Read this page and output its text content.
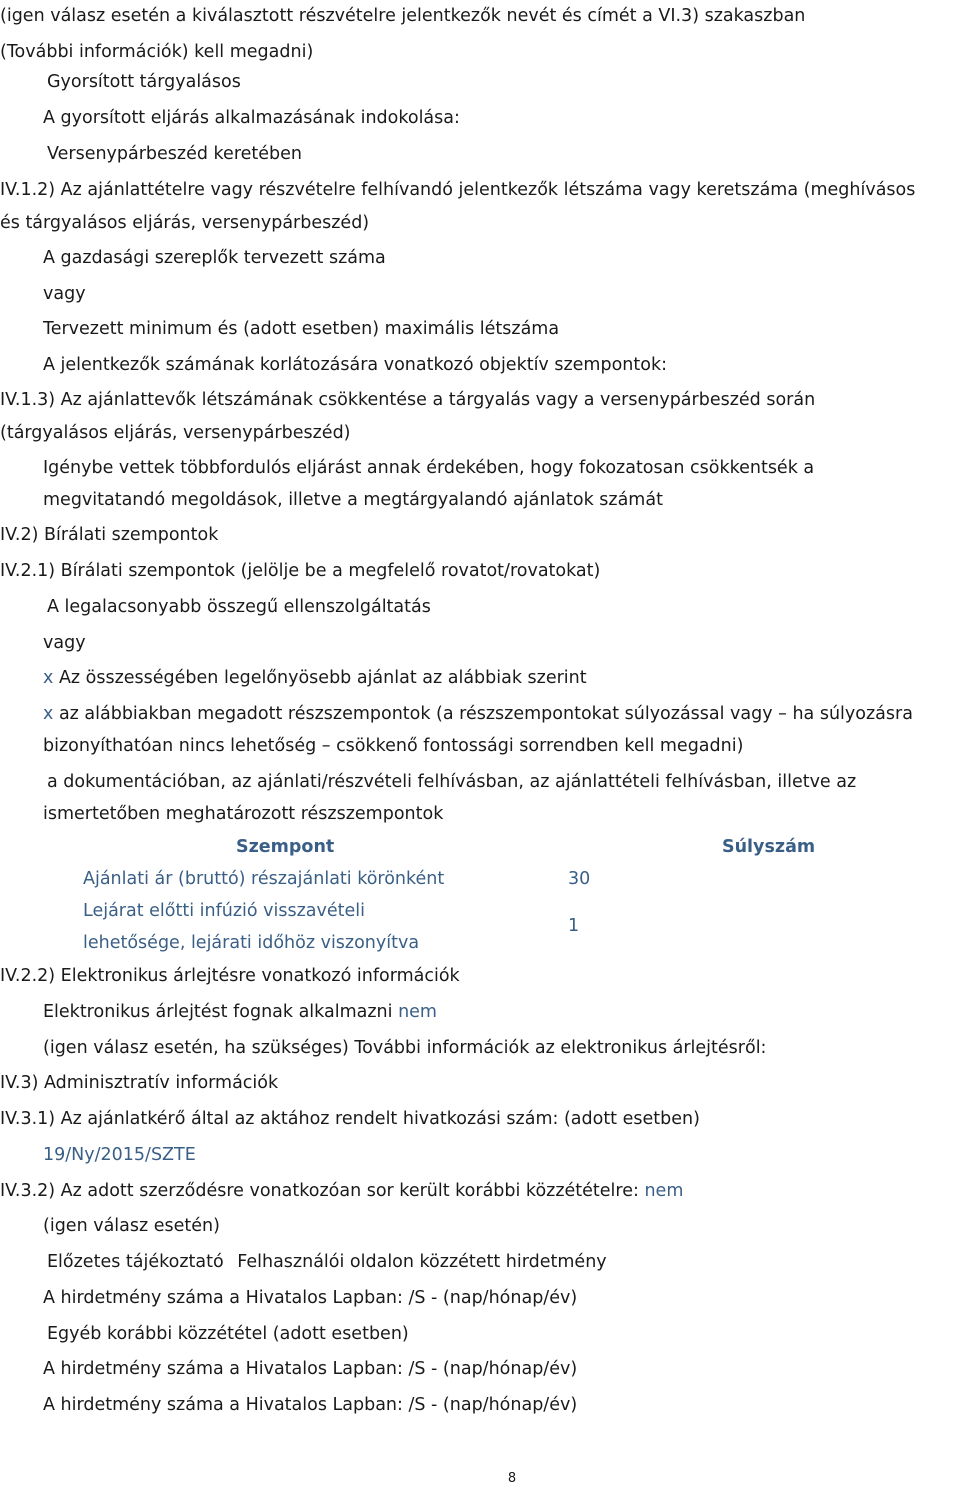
(igen válasz esetén a kiválasztott részvételre jelentkezők nevét és címét a VI.3) szakaszban
(További információk) kell megadni)
Gyorsított tárgyalásos
A gyorsított eljárás alkalmazásának indokolása:
Versenypárbeszéd keretében
IV.1.2) Az ajánlattételre vagy részvételre felhívandó jelentkezők létszáma vagy keretszáma (meghívásos
és tárgyalásos eljárás, versenypárbeszéd)
A gazdasági szereplők tervezett száma
vagy
Tervezett minimum és (adott esetben) maximális létszáma
A jelentkezők számának korlátozására vonatkozó objektív szempontok:
IV.1.3) Az ajánlattevők létszámának csökkentése a tárgyalás vagy a versenypárbeszéd során
(tárgyalásos eljárás, versenypárbeszéd)
Igénybe vettek többfordulós eljárást annak érdekében, hogy fokozatosan csökkentsék a
megvitatandó megoldások, illetve a megtárgyalandó ajánlatok számát
IV.2) Bírálati szempontok
IV.2.1) Bírálati szempontok (jelölje be a megfelelő rovatot/rovatokat)
A legalacsonyabb összegű ellenszolgáltatás
vagy
x Az összességében legelőnyösebb ajánlat az alábbiak szerint
x az alábbiakban megadott részszempontok (a részszempontokat súlyozással vagy – ha súlyozásra
bizonyíthatóan nincs lehetőség – csökkenő fontossági sorrendben kell megadni)
a dokumentációban, az ajánlati/részvételi felhívásban, az ajánlattételi felhívásban, illetve az
ismertetőben meghatározott részszempontok
Szempont	Súlyszám
Ajánlati ár (bruttó) részajánlati körönként	30
Lejárat előtti infúzió visszavételi
lehetősége, lejárati időhöz viszonyítva
1
IV.2.2) Elektronikus árlejtésre vonatkozó információk
Elektronikus árlejtést fognak alkalmazni nem
(igen válasz esetén, ha szükséges) További információk az elektronikus árlejtésről:
IV.3) Adminisztratív információk
IV.3.1) Az ajánlatkérő által az aktához rendelt hivatkozási szám: (adott esetben)
19/Ny/2015/SZTE
IV.3.2) Az adott szerződésre vonatkozóan sor került korábbi közzétételre: nem
(igen válasz esetén)
Előzetes tájékoztató Felhasználói oldalon közzétett hirdetmény
A hirdetmény száma a Hivatalos Lapban: /S - (nap/hónap/év)
Egyéb korábbi közzététel (adott esetben)
A hirdetmény száma a Hivatalos Lapban: /S - (nap/hónap/év)
A hirdetmény száma a Hivatalos Lapban: /S - (nap/hónap/év)
8
